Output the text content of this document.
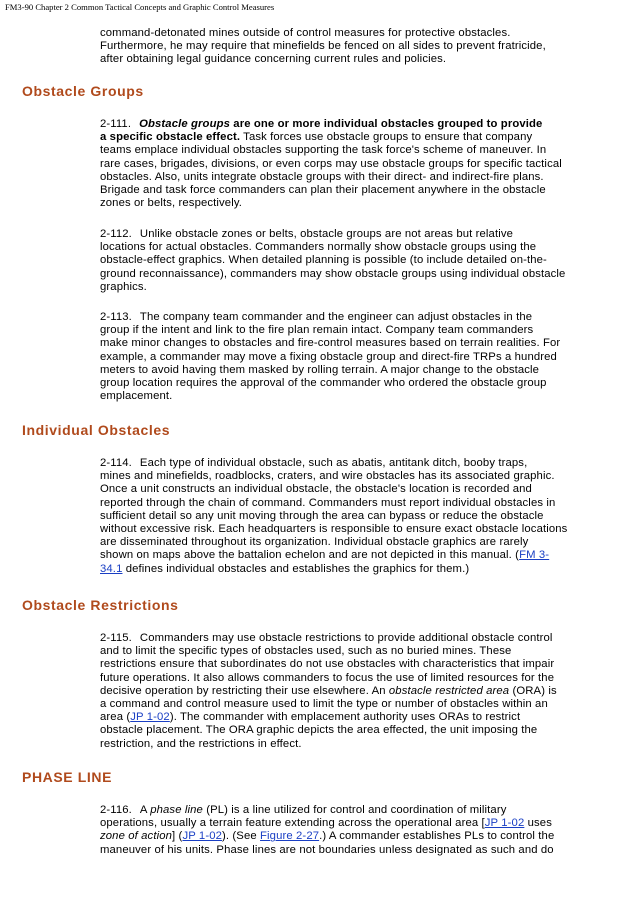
FM3-90 Chapter 2 Common Tactical Concepts and Graphic Control Measures
command-detonated mines outside of control measures for protective obstacles.
Furthermore, he may require that minefields be fenced on all sides to prevent fratricide,
after obtaining legal guidance concerning current rules and policies.
Obstacle Groups
2-111. Obstacle groups are one or more individual obstacles grouped to provide
a specific obstacle effect. Task forces use obstacle groups to ensure that company
teams emplace individual obstacles supporting the task force's scheme of maneuver. In
rare cases, brigades, divisions, or even corps may use obstacle groups for specific tactical
obstacles. Also, units integrate obstacle groups with their direct- and indirect-fire plans.
Brigade and task force commanders can plan their placement anywhere in the obstacle
zones or belts, respectively.
2-112. Unlike obstacle zones or belts, obstacle groups are not areas but relative
locations for actual obstacles. Commanders normally show obstacle groups using the
obstacle-effect graphics. When detailed planning is possible (to include detailed on-the-
ground reconnaissance), commanders may show obstacle groups using individual obstacle
graphics.
2-113. The company team commander and the engineer can adjust obstacles in the
group if the intent and link to the fire plan remain intact. Company team commanders
make minor changes to obstacles and fire-control measures based on terrain realities. For
example, a commander may move a fixing obstacle group and direct-fire TRPs a hundred
meters to avoid having them masked by rolling terrain. A major change to the obstacle
group location requires the approval of the commander who ordered the obstacle group
emplacement.
Individual Obstacles
2-114. Each type of individual obstacle, such as abatis, antitank ditch, booby traps,
mines and minefields, roadblocks, craters, and wire obstacles has its associated graphic.
Once a unit constructs an individual obstacle, the obstacle's location is recorded and
reported through the chain of command. Commanders must report individual obstacles in
sufficient detail so any unit moving through the area can bypass or reduce the obstacle
without excessive risk. Each headquarters is responsible to ensure exact obstacle locations
are disseminated throughout its organization. Individual obstacle graphics are rarely
shown on maps above the battalion echelon and are not depicted in this manual. (FM 3-
34.1 defines individual obstacles and establishes the graphics for them.)
Obstacle Restrictions
2-115. Commanders may use obstacle restrictions to provide additional obstacle control
and to limit the specific types of obstacles used, such as no buried mines. These
restrictions ensure that subordinates do not use obstacles with characteristics that impair
future operations. It also allows commanders to focus the use of limited resources for the
decisive operation by restricting their use elsewhere. An obstacle restricted area (ORA) is
a command and control measure used to limit the type or number of obstacles within an
area (JP 1-02). The commander with emplacement authority uses ORAs to restrict
obstacle placement. The ORA graphic depicts the area effected, the unit imposing the
restriction, and the restrictions in effect.
PHASE LINE
2-116. A phase line (PL) is a line utilized for control and coordination of military
operations, usually a terrain feature extending across the operational area [JP 1-02 uses
zone of action] (JP 1-02). (See Figure 2-27.) A commander establishes PLs to control the
maneuver of his units. Phase lines are not boundaries unless designated as such and do
